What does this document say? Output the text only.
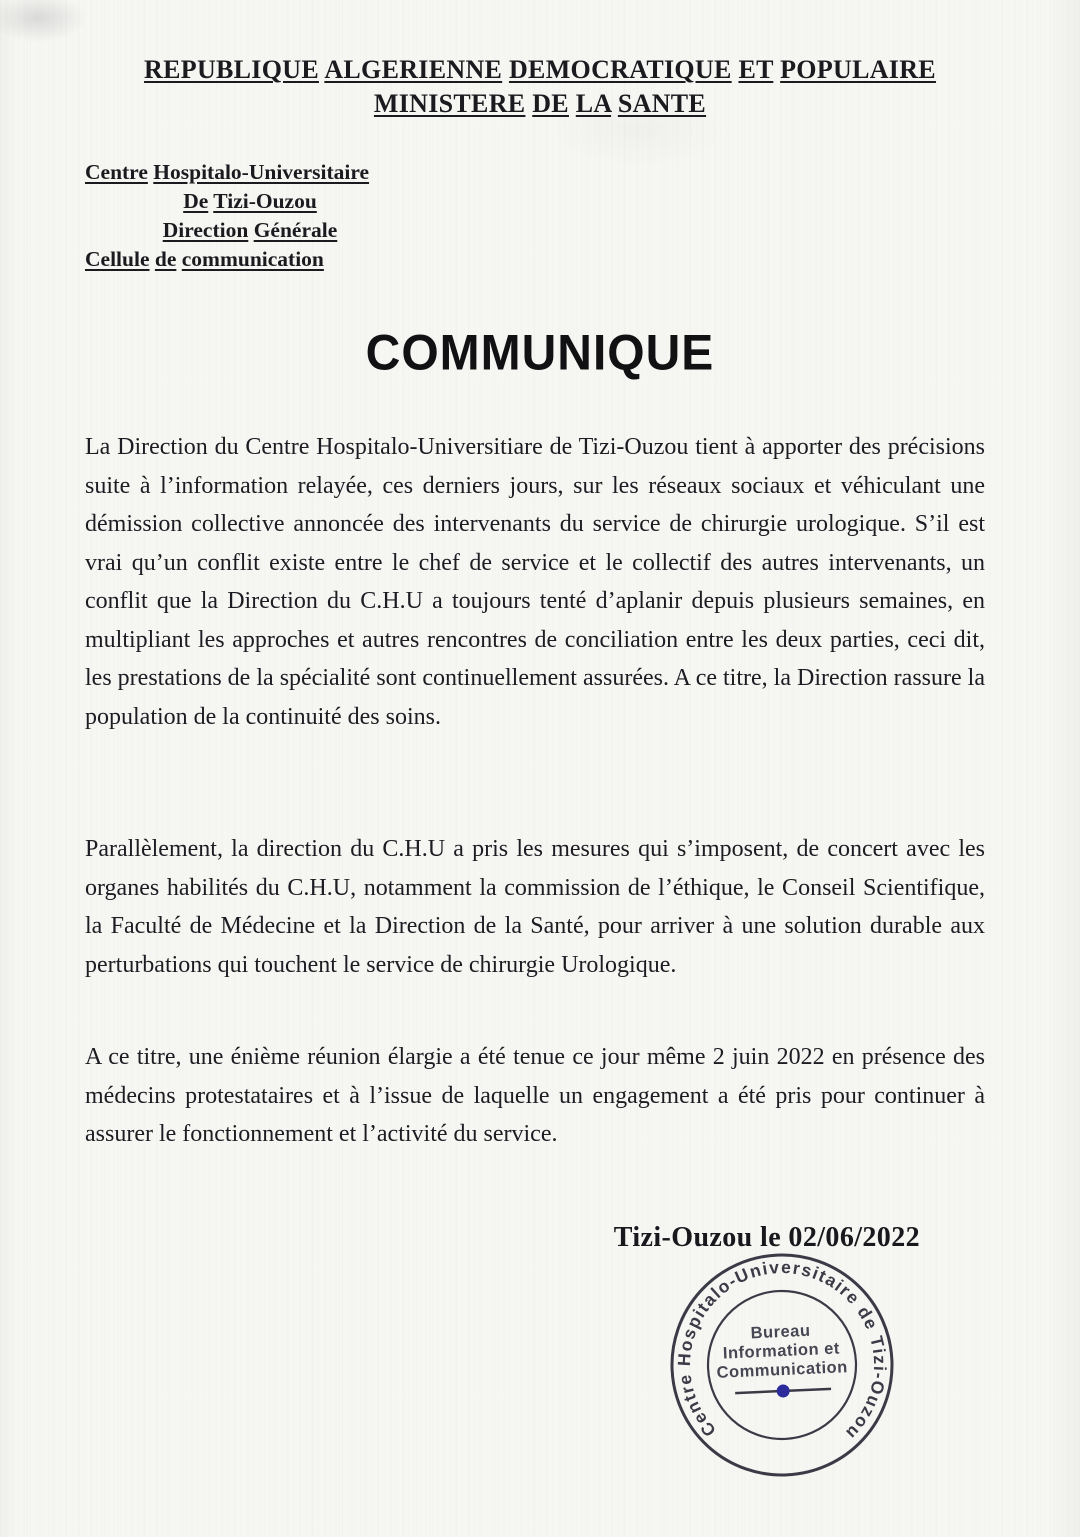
REPUBLIQUE ALGERIENNE DEMOCRATIQUE ET POPULAIRE
MINISTERE DE LA SANTE
Centre Hospitalo-Universitaire
De Tizi-Ouzou
Direction Générale
Cellule de communication
COMMUNIQUE

La Direction du Centre Hospitalo-Universitiare de Tizi-Ouzou tient à apporter des précisions suite à l’information relayée, ces derniers jours, sur les réseaux sociaux et véhiculant une démission collective annoncée des intervenants du service de chirurgie urologique. S’il est vrai qu’un conflit existe entre le chef de service et le collectif des autres intervenants, un conflit que la Direction du C.H.U a toujours tenté d’aplanir depuis plusieurs semaines, en multipliant les approches et autres rencontres de conciliation entre les deux parties, ceci dit, les prestations de la spécialité sont continuellement assurées. A ce titre, la Direction rassure la population de la continuité des soins.

Parallèlement, la direction du C.H.U a pris les mesures qui s’imposent, de concert avec les organes habilités du C.H.U, notamment la commission de l’éthique, le Conseil Scientifique, la Faculté de Médecine et la Direction de la Santé, pour arriver à une solution durable aux perturbations qui touchent le service de chirurgie Urologique.

A ce titre, une énième réunion élargie a été tenue ce jour même 2 juin 2022 en présence des médecins protestataires et à l’issue de laquelle un engagement a été pris pour continuer à assurer le fonctionnement et l’activité du service.

Tizi-Ouzou le 02/06/2022
Centre Hospitalo-Universitaire de Tizi-Ouzou
Bureau
Information et
Communication
